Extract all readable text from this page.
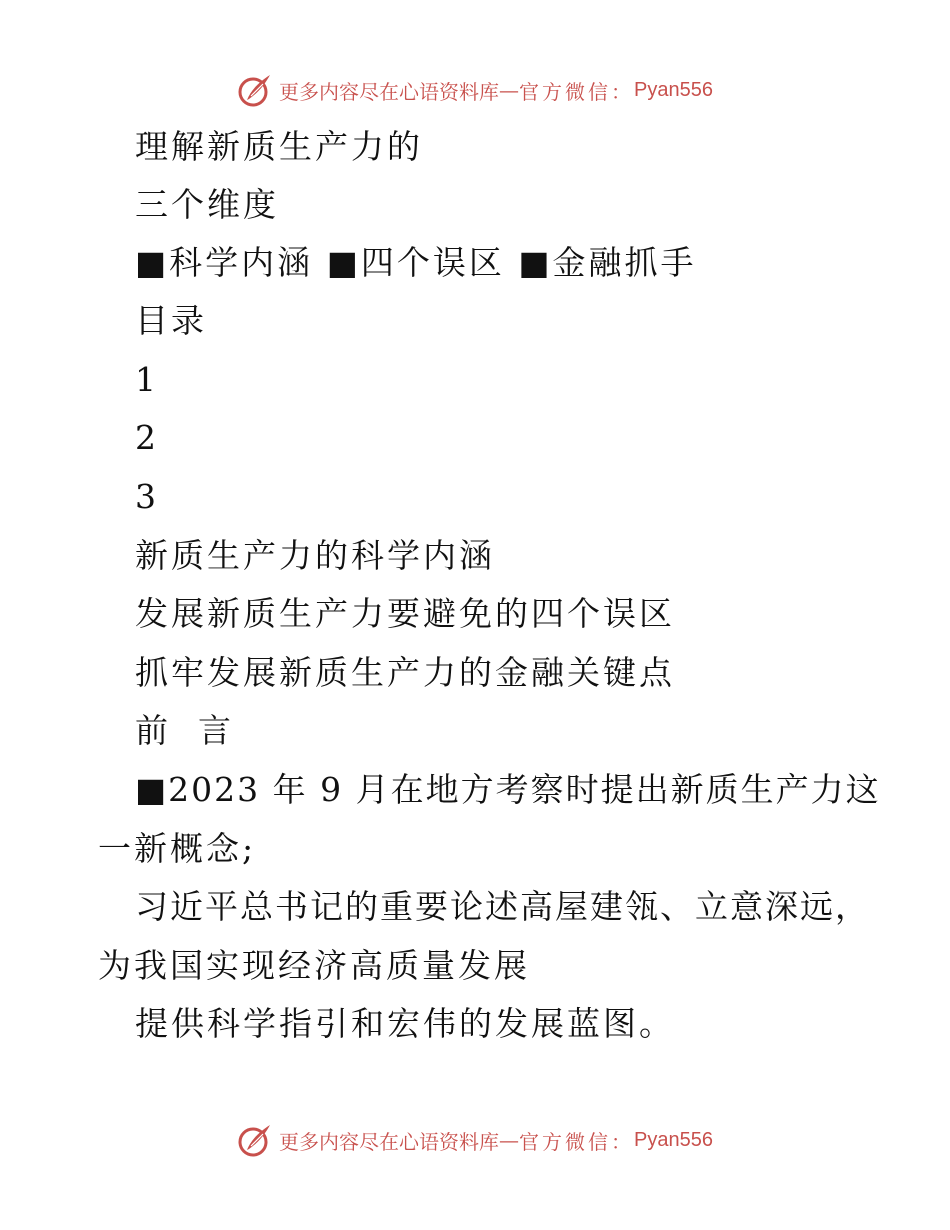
更多内容尽在心语资料库 — 官方微信： Pyan556
理解新质生产力的
三个维度
■科学内涵 ■四个误区 ■金融抓手
目录
1
2
3
新质生产力的科学内涵
发展新质生产力要避免的四个误区
抓牢发展新质生产力的金融关键点
前  言
■2023 年 9 月在地方考察时提出新质生产力这
一新概念;
习近平总书记的重要论述高屋建瓴、立意深远，
为我国实现经济高质量发展
提供科学指引和宏伟的发展蓝图。
更多内容尽在心语资料库 — 官方微信： Pyan556
